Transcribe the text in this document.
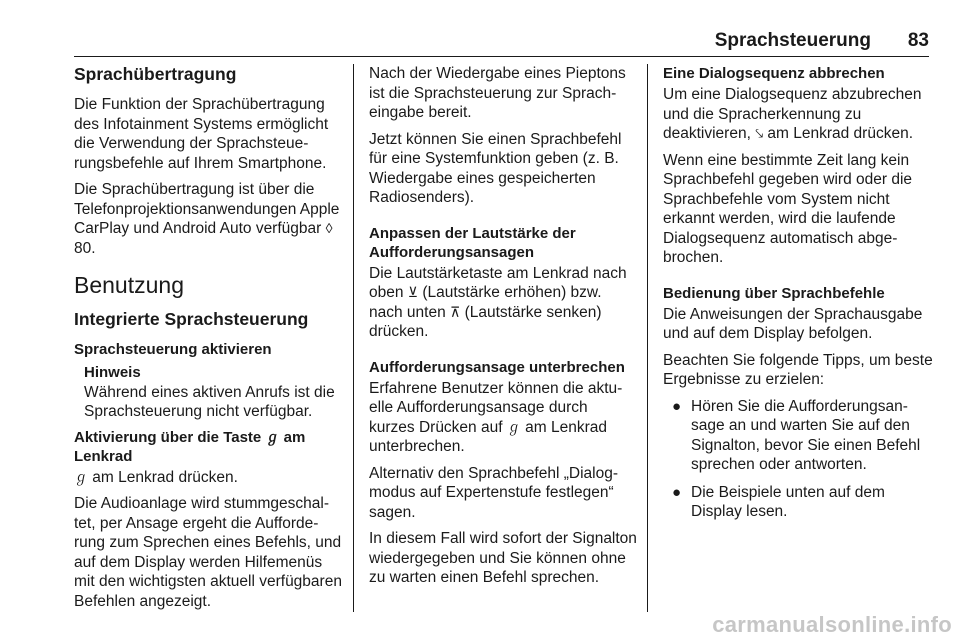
Sprachsteuerung 83
Sprachübertragung

Die Funktion der Sprachübertragung des Infotainment Systems ermöglicht die Verwendung der Sprachsteuerungsbefehle auf Ihrem Smartphone.

Die Sprachübertragung ist über die Telefonprojektionsanwendungen Apple CarPlay und Android Auto verfügbar ◊ 80.

Benutzung
Integrierte Sprachsteuerung
Sprachsteuerung aktivieren
Hinweis
Während eines aktiven Anrufs ist die Sprachsteuerung nicht verfügbar.
Aktivierung über die Taste ℊ am Lenkrad

ℊ am Lenkrad drücken.

Die Audioanlage wird stummgeschaltet, per Ansage ergeht die Aufforderung zum Sprechen eines Befehls, und auf dem Display werden Hilfemenüs mit den wichtigsten aktuell verfügbaren Befehlen angezeigt.

Nach der Wiedergabe eines Pieptons ist die Sprachsteuerung zur Spracheingabe bereit.

Jetzt können Sie einen Sprachbefehl für eine Systemfunktion geben (z. B. Wiedergabe eines gespeicherten Radiosenders).

Anpassen der Lautstärke der Aufforderungsansagen

Die Lautstärketaste am Lenkrad nach oben ⊻ (Lautstärke erhöhen) bzw. nach unten ⊼ (Lautstärke senken) drücken.

Aufforderungsansage unterbrechen

Erfahrene Benutzer können die aktuelle Aufforderungsansage durch kurzes Drücken auf ℊ am Lenkrad unterbrechen.

Alternativ den Sprachbefehl „Dialogmodus auf Expertenstufe festlegen“ sagen.

In diesem Fall wird sofort der Signalton wiedergegeben und Sie können ohne zu warten einen Befehl sprechen.

Eine Dialogsequenz abbrechen

Um eine Dialogsequenz abzubrechen und die Spracherkennung zu deaktivieren, ⤥ am Lenkrad drücken.

Wenn eine bestimmte Zeit lang kein Sprachbefehl gegeben wird oder die Sprachbefehle vom System nicht erkannt werden, wird die laufende Dialogsequenz automatisch abgebrochen.

Bedienung über Sprachbefehle

Die Anweisungen der Sprachausgabe und auf dem Display befolgen.

Beachten Sie folgende Tipps, um beste Ergebnisse zu erzielen:

● Hören Sie die Aufforderungsansage an und warten Sie auf den Signalton, bevor Sie einen Befehl sprechen oder antworten.
● Die Beispiele unten auf dem Display lesen.
carmanualsonline.info
